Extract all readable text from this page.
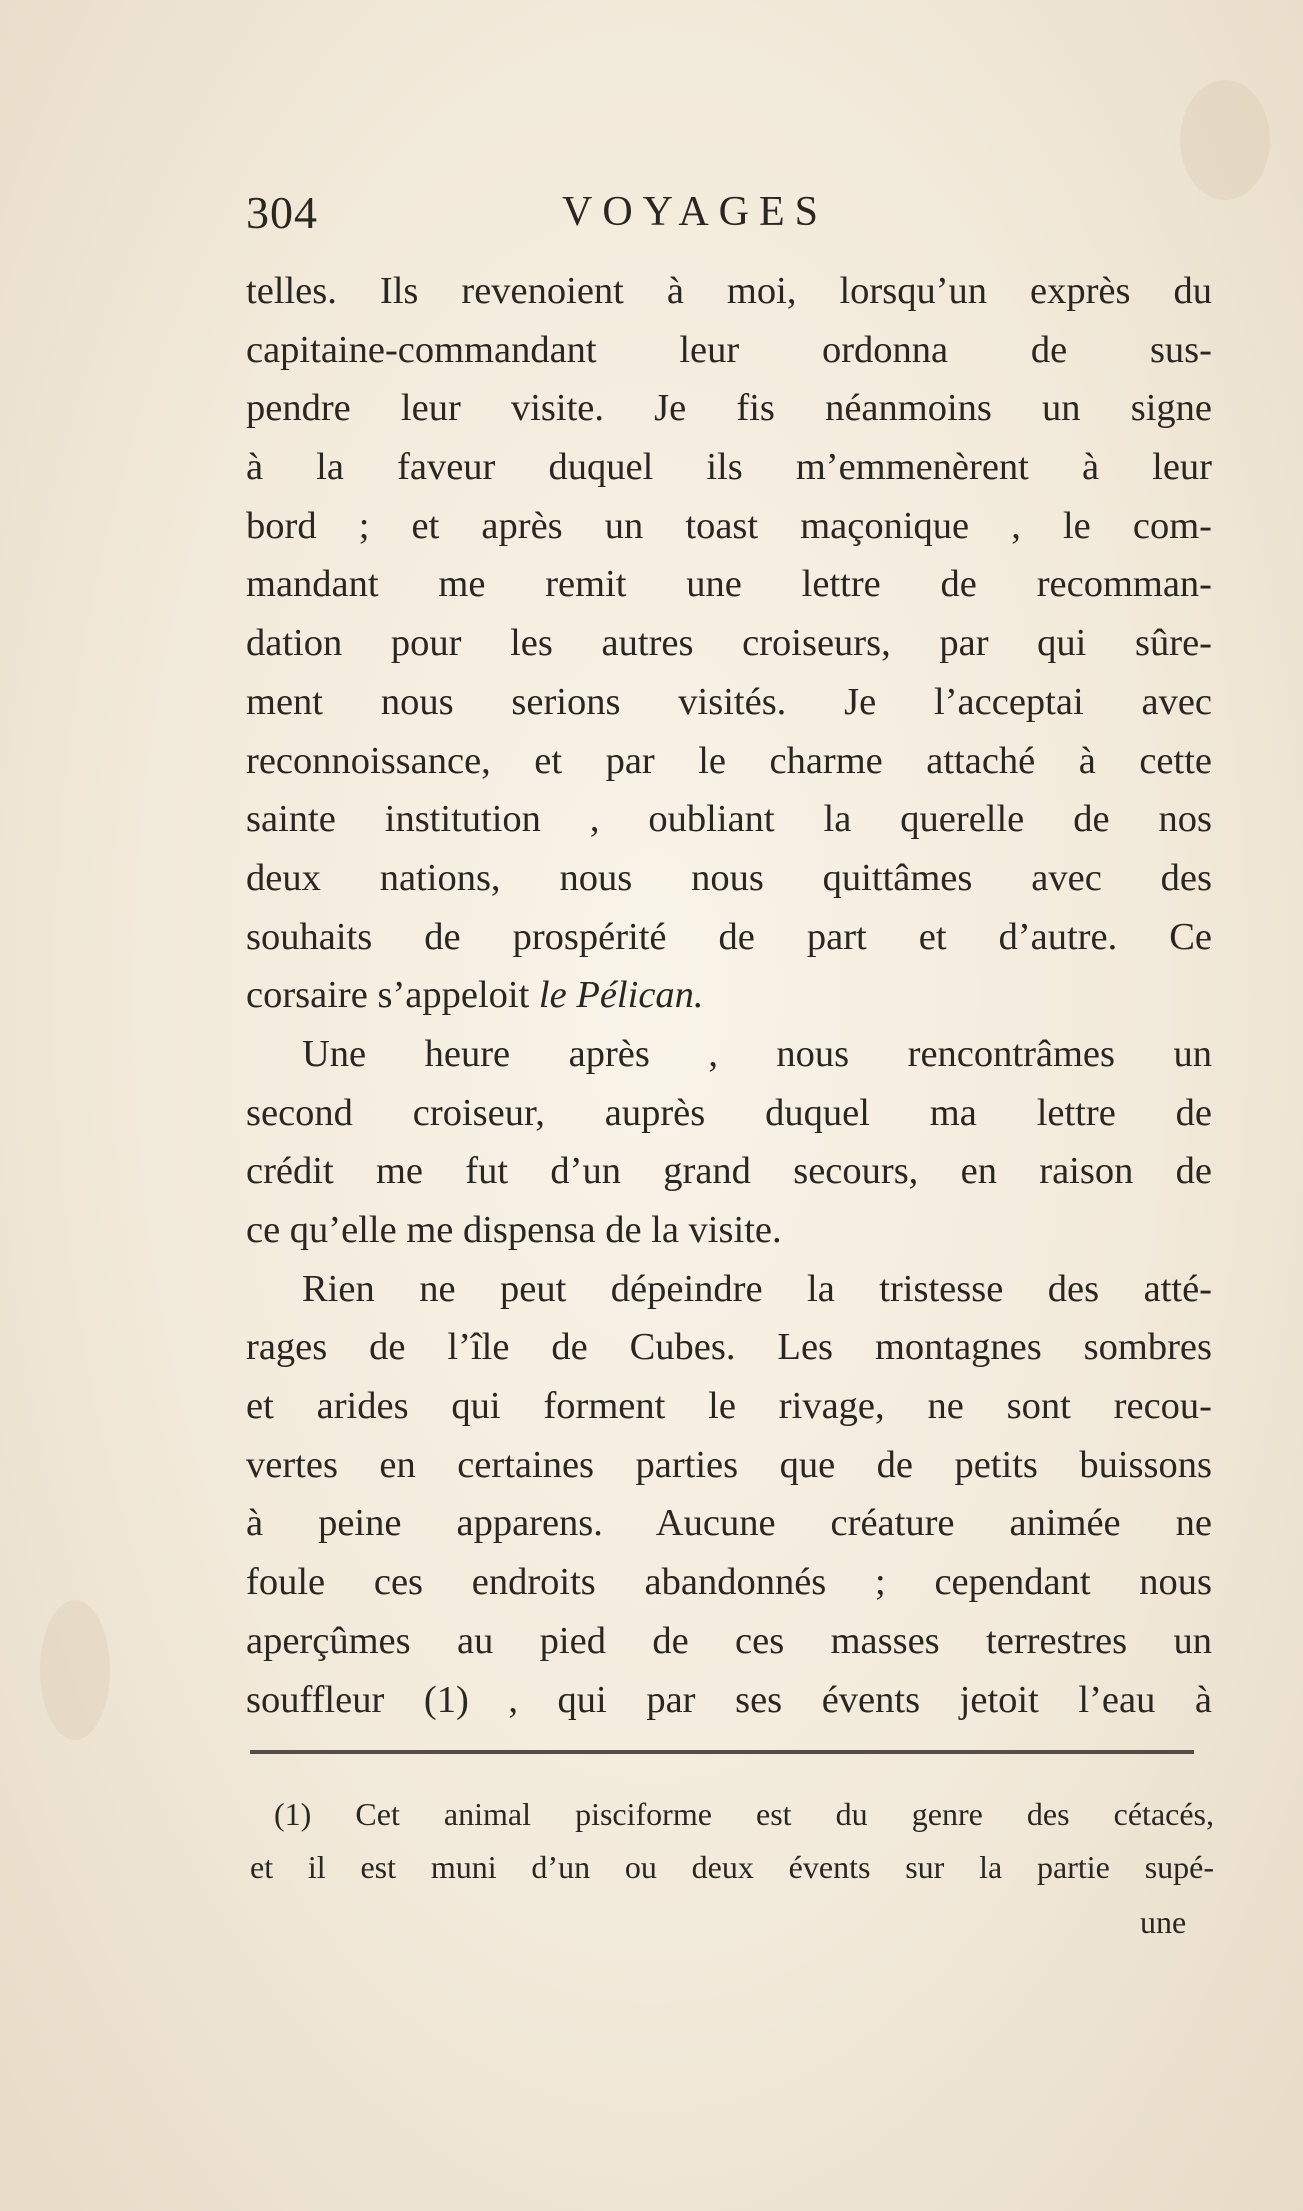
304	VOYAGES
telles. Ils revenoient à moi, lorsqu’un exprès du
capitaine-commandant leur ordonna de sus-
pendre leur visite. Je fis néanmoins un signe
à la faveur duquel ils m’emmenèrent à leur
bord ; et après un toast maçonique , le com-
mandant me remit une lettre de recomman-
dation pour les autres croiseurs, par qui sûre-
ment nous serions visités. Je l’acceptai avec
reconnoissance, et par le charme attaché à cette
sainte institution , oubliant la querelle de nos
deux nations, nous nous quittâmes avec des
souhaits de prospérité de part et d’autre. Ce
corsaire s’appeloit le Pélican.
Une heure après , nous rencontrâmes un
second croiseur, auprès duquel ma lettre de
crédit me fut d’un grand secours, en raison de
ce qu’elle me dispensa de la visite.
Rien ne peut dépeindre la tristesse des atté-
rages de l’île de Cubes. Les montagnes sombres
et arides qui forment le rivage, ne sont recou-
vertes en certaines parties que de petits buissons
à peine apparens. Aucune créature animée ne
foule ces endroits abandonnés ; cependant nous
aperçûmes au pied de ces masses terrestres un
souffleur (1) , qui par ses évents jetoit l’eau à
(1) Cet animal pisciforme est du genre des cétacés,
et il est muni d’un ou deux évents sur la partie supé-
une
